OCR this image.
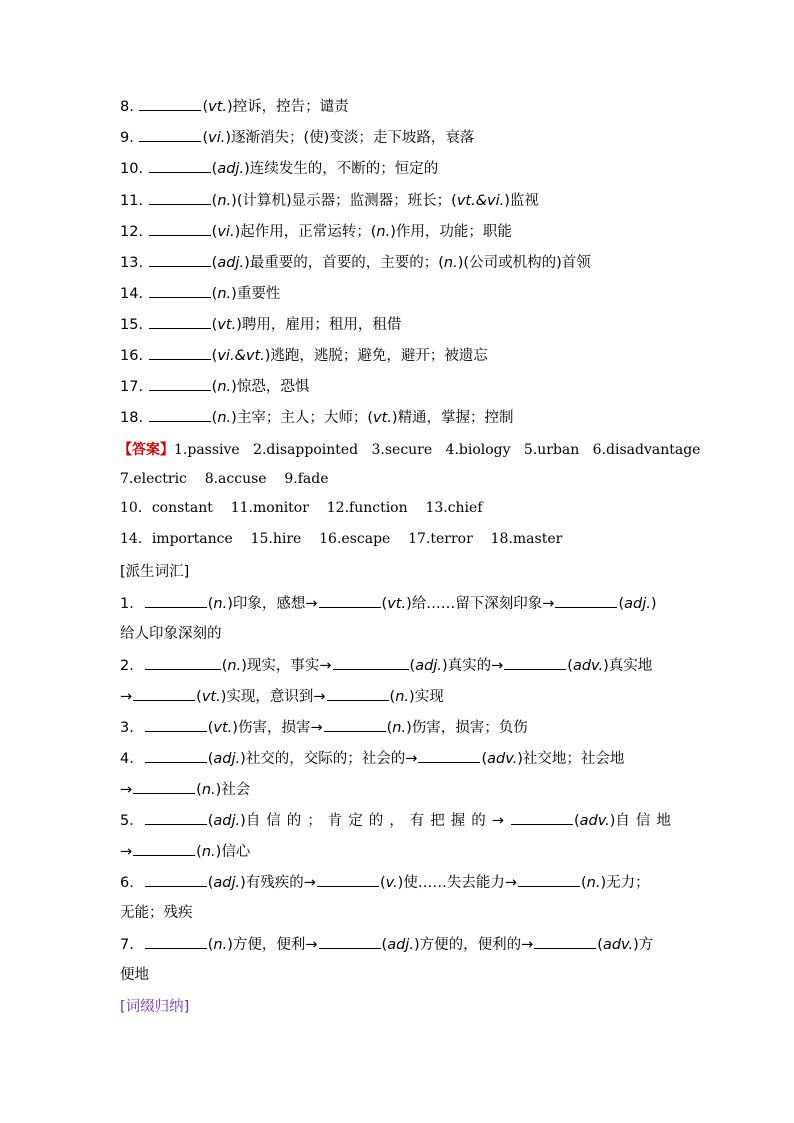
8.	(vt.)控诉，控告；谴责
9.	(vi.)逐渐消失；(使)变淡；走下坡路，衰落
10.	(adj.)连续发生的，不断的；恒定的
11.	(n.)(计算机)显示器；监测器；班长；(vt.&vi.)监视
12.	(vi.)起作用，正常运转；(n.)作用，功能；职能
13.	(adj.)最重要的，首要的，主要的；(n.)(公司或机构的)首领
14.	(n.)重要性
15.	(vt.)聘用，雇用；租用，租借
16.	(vi.&vt.)逃跑，逃脱；避免，避开；被遗忘
17.	(n.)惊恐，恐惧
18.	(n.)主宰；主人；大师；(vt.)精通，掌握；控制
【答案】1.passive 2.disappointed 3.secure 4.biology 5.urban 6.disadvantage
7.electric 8.accuse 9.fade
10．constant 11.monitor 12.function 13.chief
14．importance 15.hire 16.escape 17.terror 18.master
[派生词汇]
1．	(n.)印象，感想→	(vt.)给……留下深刻印象→	(adj.)
给人印象深刻的
2．	(n.)现实，事实→	(adj.)真实的→	(adv.)真实地
→	(vt.)实现，意识到→	(n.)实现
3．	(vt.)伤害，损害→	(n.)伤害，损害；负伤
4．	(adj.)社交的，交际的；社会的→	(adv.)社交地；社会地
→	(n.)社会
5．	(adj.)自信的；肯定的，有把握的→	(adv.)自信地
→	(n.)信心
6．	(adj.)有残疾的→	(v.)使……失去能力→	(n.)无力；
无能；残疾
7．	(n.)方便，便利→	(adj.)方便的，便利的→	(adv.)方
便地
[词缀归纳]
